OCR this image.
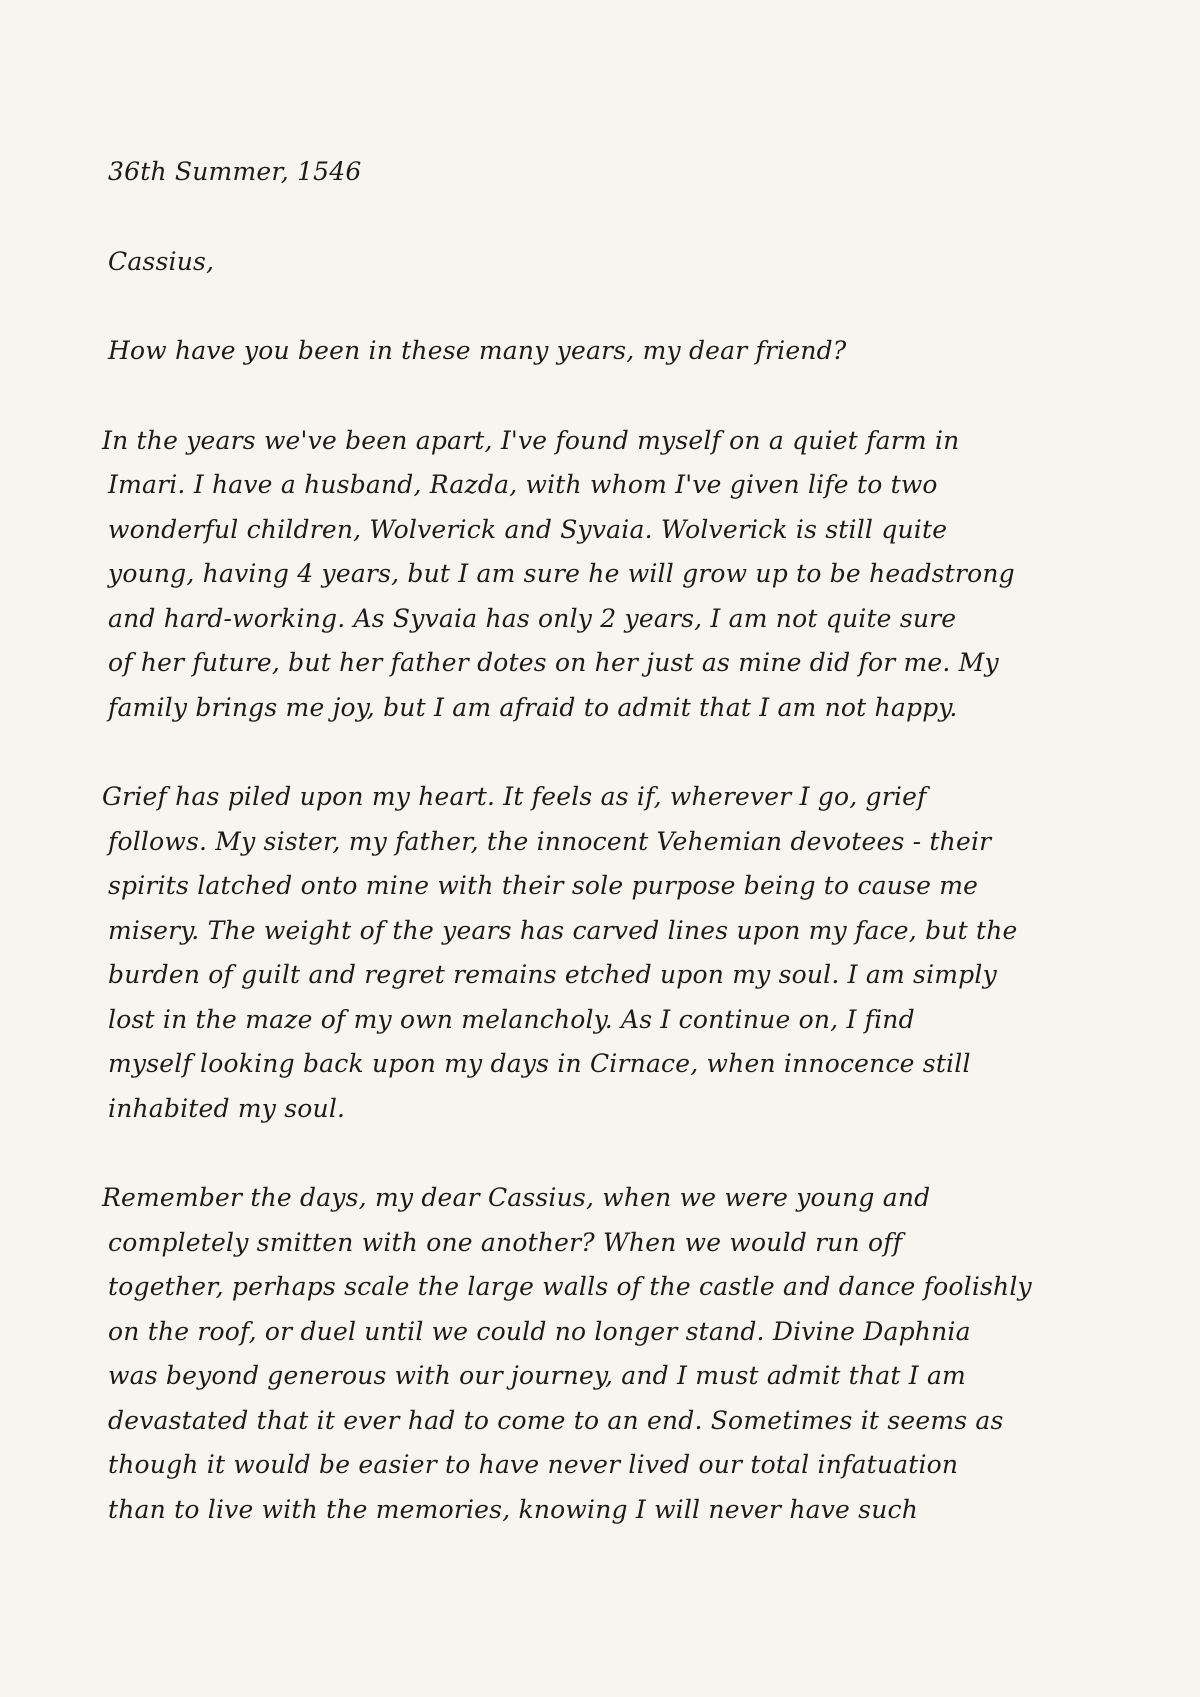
36th Summer, 1546

Cassius,

How have you been in these many years, my dear friend?

In the years we've been apart, I've found myself on a quiet farm in

Imari. I have a husband, Razda, with whom I've given life to two

wonderful children, Wolverick and Syvaia. Wolverick is still quite

young, having 4 years, but I am sure he will grow up to be headstrong

and hard-working. As Syvaia has only 2 years, I am not quite sure

of her future, but her father dotes on her just as mine did for me. My

family brings me joy, but I am afraid to admit that I am not happy.

Grief has piled upon my heart. It feels as if, wherever I go, grief

follows. My sister, my father, the innocent Vehemian devotees - their

spirits latched onto mine with their sole purpose being to cause me

misery. The weight of the years has carved lines upon my face, but the

burden of guilt and regret remains etched upon my soul. I am simply

lost in the maze of my own melancholy. As I continue on, I find

myself looking back upon my days in Cirnace, when innocence still

inhabited my soul.

Remember the days, my dear Cassius, when we were young and

completely smitten with one another? When we would run off

together, perhaps scale the large walls of the castle and dance foolishly

on the roof, or duel until we could no longer stand. Divine Daphnia

was beyond generous with our journey, and I must admit that I am

devastated that it ever had to come to an end. Sometimes it seems as

though it would be easier to have never lived our total infatuation

than to live with the memories, knowing I will never have such
